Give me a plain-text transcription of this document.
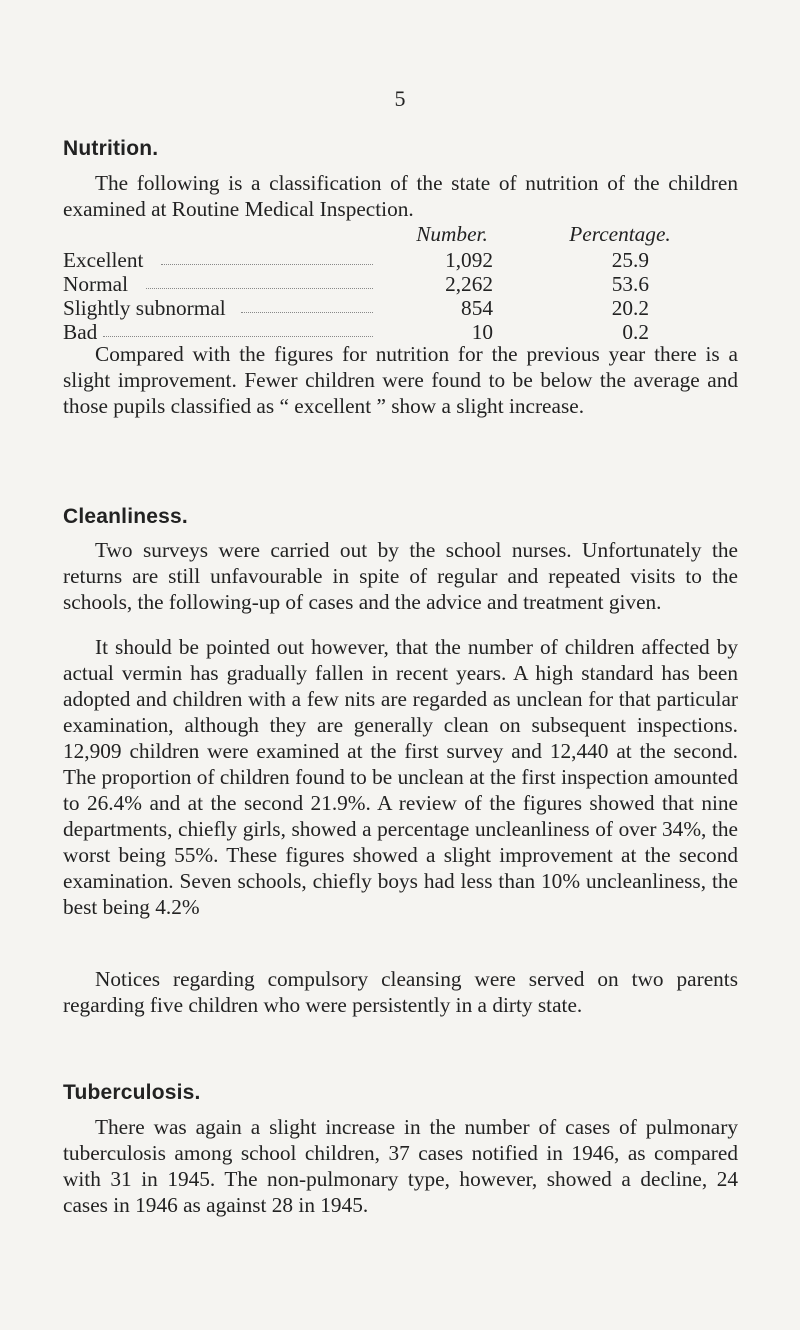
5
Nutrition.

The following is a classification of the state of nutrition of the children examined at Routine Medical Inspection.

Number.	Percentage.
Excellent	1,092	25.9
Normal	2,262	53.6
Slightly subnormal	854	20.2
Bad	10	0.2

Compared with the figures for nutrition for the previous year there is a slight improvement. Fewer children were found to be below the average and those pupils classified as “ excellent ” show a slight increase.

Cleanliness.

Two surveys were carried out by the school nurses. Unfortunately the returns are still unfavourable in spite of regular and repeated visits to the schools, the following-up of cases and the advice and treatment given.

It should be pointed out however, that the number of children affected by actual vermin has gradually fallen in recent years. A high standard has been adopted and children with a few nits are regarded as unclean for that particular examination, although they are generally clean on subsequent inspections. 12,909 children were examined at the first survey and 12,440 at the second. The proportion of children found to be unclean at the first inspection amounted to 26.4% and at the second 21.9%. A review of the figures showed that nine departments, chiefly girls, showed a percentage uncleanliness of over 34%, the worst being 55%. These figures showed a slight improvement at the second examination. Seven schools, chiefly boys had less than 10% uncleanliness, the best being 4.2%

Notices regarding compulsory cleansing were served on two parents regarding five children who were persistently in a dirty state.

Tuberculosis.

There was again a slight increase in the number of cases of pulmonary tuberculosis among school children, 37 cases notified in 1946, as compared with 31 in 1945. The non-pulmonary type, however, showed a decline, 24 cases in 1946 as against 28 in 1945.
